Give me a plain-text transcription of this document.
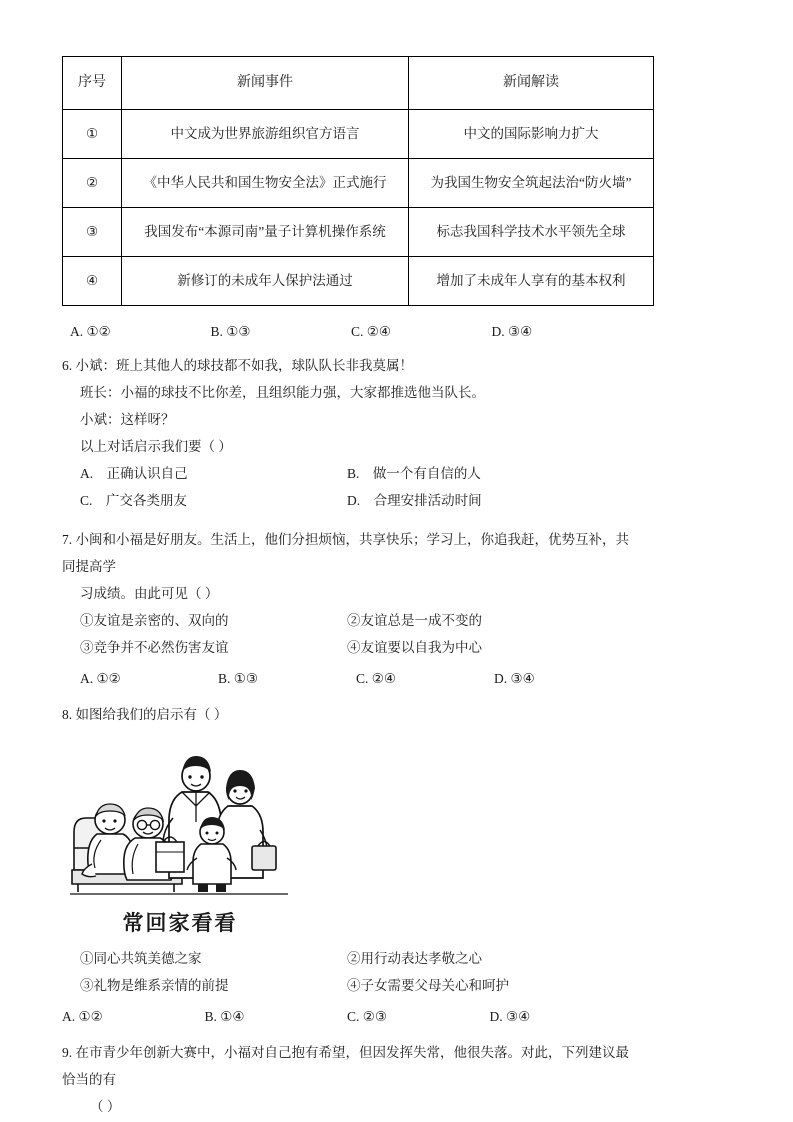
序号	新闻事件	新闻解读
①	中文成为世界旅游组织官方语言	中文的国际影响力扩大
②	《中华人民共和国生物安全法》正式施行	为我国生物安全筑起法治“防火墙”
③	我国发布“本源司南”量子计算机操作系统	标志我国科学技术水平领先全球
④	新修订的未成年人保护法通过	增加了未成年人享有的基本权利
A. ①②	B. ①③	C. ②④	D. ③④
6. 小斌：班上其他人的球技都不如我，球队队长非我莫属！
班长：小福的球技不比你差，且组织能力强，大家都推选他当队长。
小斌：这样呀？
以上对话启示我们要（ ）
A.　正确认识自己	B.　做一个有自信的人
C.　广交各类朋友	D.　合理安排活动时间
7. 小闽和小福是好朋友。生活上，他们分担烦恼，共享快乐；学习上，你追我赶，优势互补，共同提高学
习成绩。由此可见（ ）
①友谊是亲密的、双向的	②友谊总是一成不变的
③竞争并不必然伤害友谊	④友谊要以自我为中心
A. ①②	B. ①③	C. ②④	D. ③④
8. 如图给我们的启示有（ ）
常回家看看
①同心共筑美德之家	②用行动表达孝敬之心
③礼物是维系亲情的前提	④子女需要父母关心和呵护
A. ①②	B. ①④	C. ②③	D. ③④
9. 在市青少年创新大赛中，小福对自己抱有希望，但因发挥失常，他很失落。对此，下列建议最恰当的有
（ ）
